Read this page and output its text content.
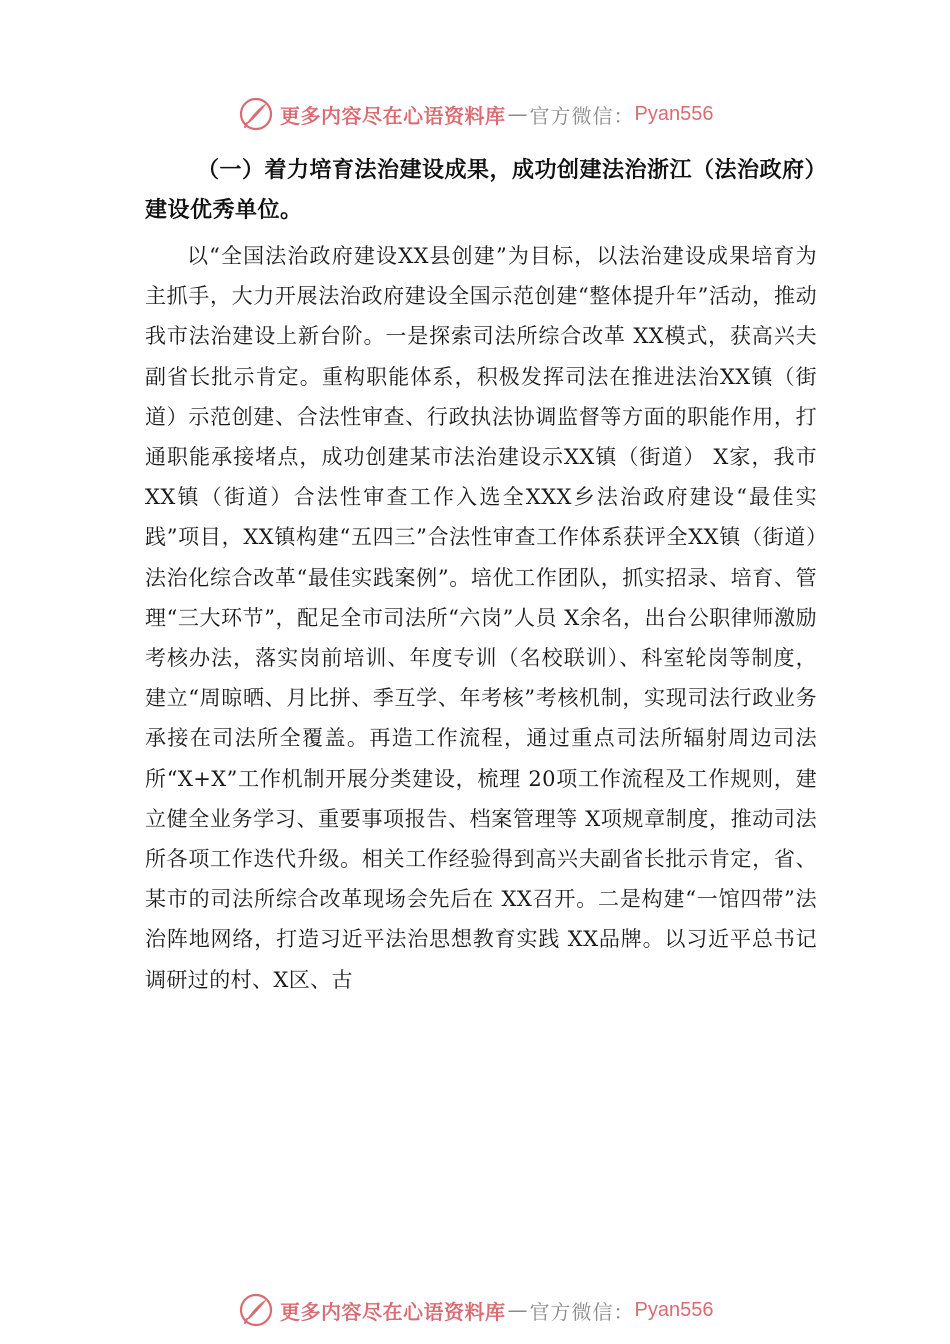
更多内容尽在心语资料库 — 官方微信： Pyan556

（一）着力培育法治建设成果，成功创建法治浙江（法治政府）建设优秀单位。

以“全国法治政府建设XX县创建”为目标，以法治建设成果培育为主抓手，大力开展法治政府建设全国示范创建“整体提升年”活动，推动我市法治建设上新台阶。一是探索司法所综合改革 XX模式，获高兴夫副省长批示肯定。重构职能体系，积极发挥司法在推进法治XX镇（街道）示范创建、合法性审查、行政执法协调监督等方面的职能作用，打通职能承接堵点，成功创建某市法治建设示XX镇（街道） X家，我市XX镇（街道）合法性审查工作入选全XXX乡法治政府建设“最佳实践”项目，XX镇构建“五四三”合法性审查工作体系获评全XX镇（街道）法治化综合改革“最佳实践案例”。培优工作团队，抓实招录、培育、管理“三大环节”，配足全市司法所“六岗”人员 X余名，出台公职律师激励考核办法，落实岗前培训、年度专训（名校联训）、科室轮岗等制度，建立“周晾晒、月比拼、季互学、年考核”考核机制，实现司法行政业务承接在司法所全覆盖。再造工作流程，通过重点司法所辐射周边司法所“X+X”工作机制开展分类建设，梳理 20项工作流程及工作规则，建立健全业务学习、重要事项报告、档案管理等 X项规章制度，推动司法所各项工作迭代升级。相关工作经验得到高兴夫副省长批示肯定，省、某市的司法所综合改革现场会先后在 XX召开。二是构建“一馆四带”法治阵地网络，打造习近平法治思想教育实践 XX品牌。以习近平总书记调研过的村、X区、古

更多内容尽在心语资料库 — 官方微信： Pyan556
